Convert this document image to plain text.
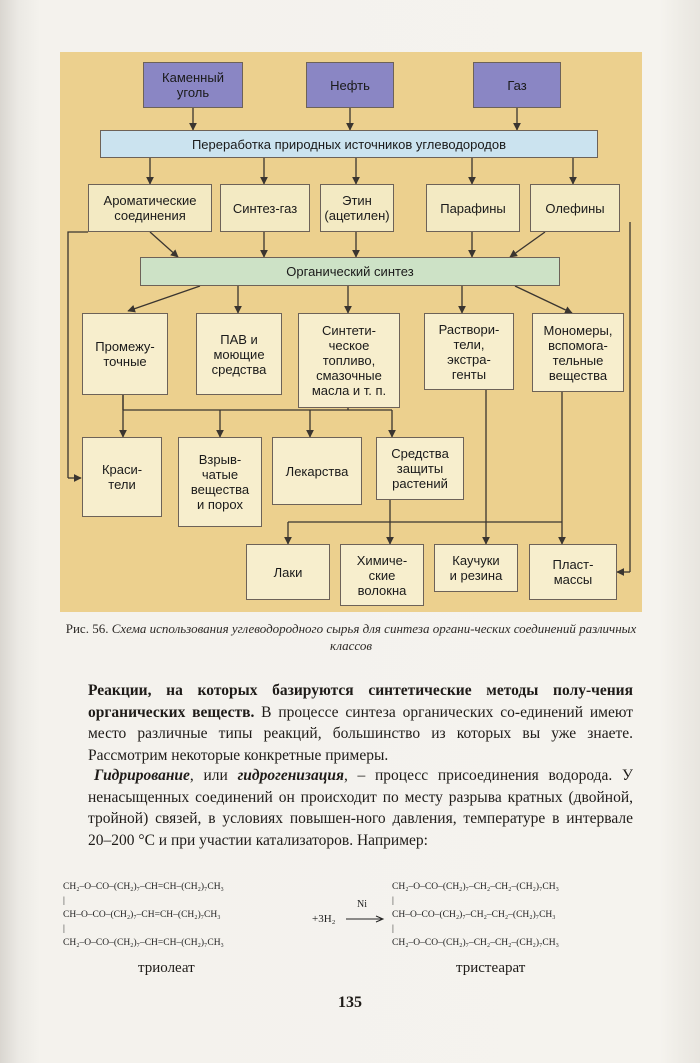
Каменный
уголь	Нефть	Газ
Переработка природных источников углеводородов
Ароматические
соединения	Синтез-газ	Этин
(ацетилен)	Парафины	Олефины
Органический синтез
Промежу-
точные
ПАВ и
моющие
средства
Синтети-
ческое
топливо,
смазочные
масла и т. п.
Раствори-
тели,
экстра-
генты
Мономеры,
вспомога-
тельные
вещества
Краси-
тели
Взрыв-
чатые
вещества
и порох
Лекарства
Средства
защиты
растений
Лаки
Химиче-
ские
волокна
Каучуки
и резина
Пласт-
массы
Рис. 56. Схема использования углеводородного сырья для синтеза органи-ческих соединений различных классов
Реакции, на которых базируются синтетические методы полу-чения органических веществ. В процессе синтеза органических со-единений имеют место различные типы реакций, большинство из которых вы уже знаете. Рассмотрим некоторые конкретные примеры.
Гидрирование, или гидрогенизация, – процесс присоединения водорода. У ненасыщенных соединений он происходит по месту разрыва кратных (двойной, тройной) связей, в условиях повышен-ного давления, температуре в интервале 20–200 °С и при участии катализаторов. Например:
CH₂–O–CO–(CH₂)₇–CH=CH–(CH₂)₇CH₃
|
CH–O–CO–(CH₂)₇–CH=CH–(CH₂)₇CH₃
|
CH₂–O–CO–(CH₂)₇–CH=CH–(CH₂)₇CH₃
+3H₂
Ni
CH₂–O–CO–(CH₂)₇–CH₂–CH₂–(CH₂)₇CH₃
|
CH–O–CO–(CH₂)₇–CH₂–CH₂–(CH₂)₇CH₃
|
CH₂–O–CO–(CH₂)₇–CH₂–CH₂–(CH₂)₇CH₃
триолеат	тристеарат
135
